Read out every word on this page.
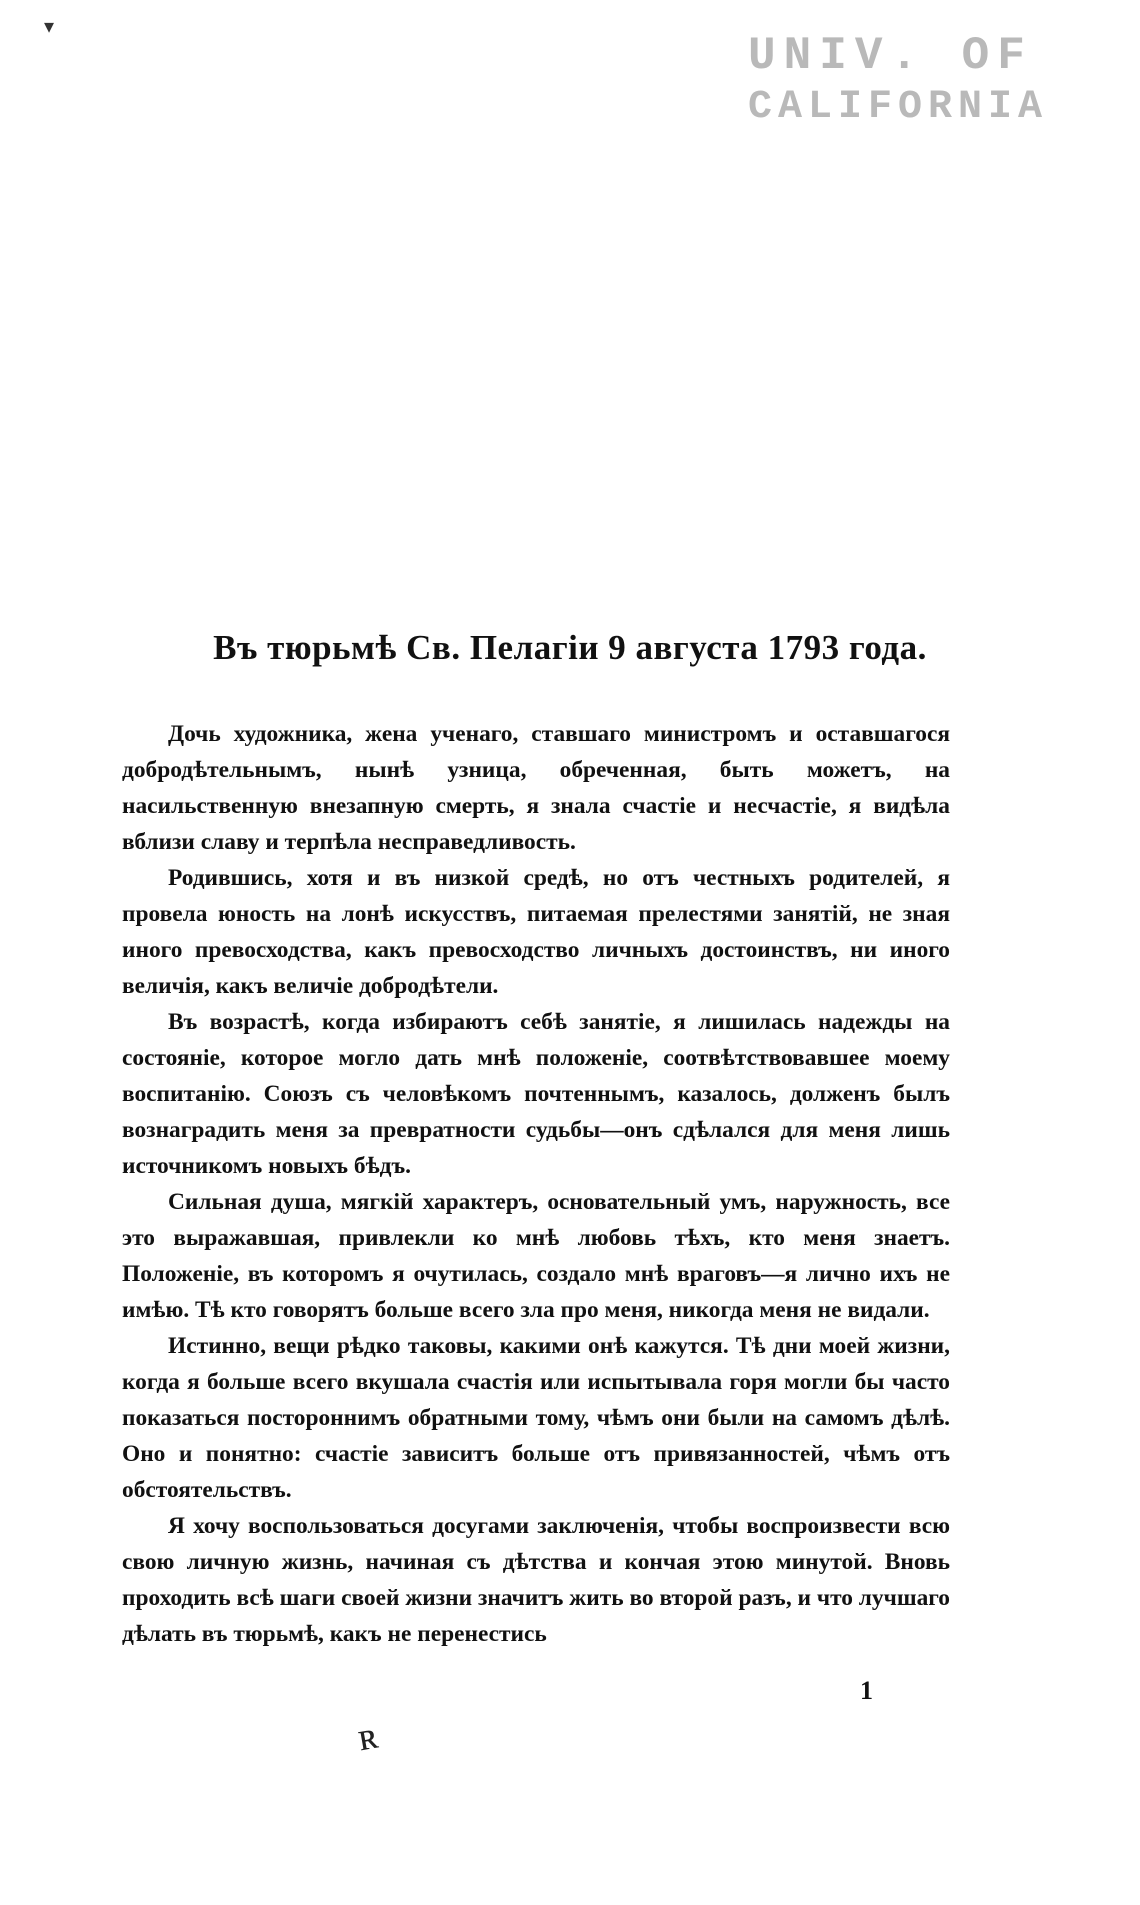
▾
UNIV. OF
CALIFORNIA
Въ тюрьмѣ Св. Пелагіи 9 августа 1793 года.

Дочь художника, жена ученаго, ставшаго министромъ и оставшагося добродѣтельнымъ, нынѣ узница, обреченная, быть можетъ, на насильственную внезапную смерть, я знала счастіе и несчастіе, я видѣла вблизи славу и терпѣла несправедливость.

Родившись, хотя и въ низкой средѣ, но отъ честныхъ родителей, я провела юность на лонѣ искусствъ, питаемая прелестями занятій, не зная иного превосходства, какъ превосходство личныхъ достоинствъ, ни иного величія, какъ величіе добродѣтели.

Въ возрастѣ, когда избираютъ себѣ занятіе, я лишилась надежды на состояніе, которое могло дать мнѣ положеніе, соотвѣтствовавшее моему воспитанію. Союзъ съ человѣкомъ почтеннымъ, казалось, долженъ былъ вознаградить меня за превратности судьбы—онъ сдѣлался для меня лишь источникомъ новыхъ бѣдъ.

Сильная душа, мягкій характеръ, основательный умъ, наружность, все это выражавшая, привлекли ко мнѣ любовь тѣхъ, кто меня знаетъ. Положеніе, въ которомъ я очутилась, создало мнѣ враговъ—я лично ихъ не имѣю. Тѣ кто говорятъ больше всего зла про меня, никогда меня не видали.

Истинно, вещи рѣдко таковы, какими онѣ кажутся. Тѣ дни моей жизни, когда я больше всего вкушала счастія или испытывала горя могли бы часто показаться постороннимъ обратными тому, чѣмъ они были на самомъ дѣлѣ. Оно и понятно: счастіе зависитъ больше отъ привязанностей, чѣмъ отъ обстоятельствъ.

Я хочу воспользоваться досугами заключенія, чтобы воспроизвести всю свою личную жизнь, начиная съ дѣтства и кончая этою минутой. Вновь проходить всѣ шаги своей жизни значитъ жить во второй разъ, и что лучшаго дѣлать въ тюрьмѣ, какъ не перенестись

1
ʀ
